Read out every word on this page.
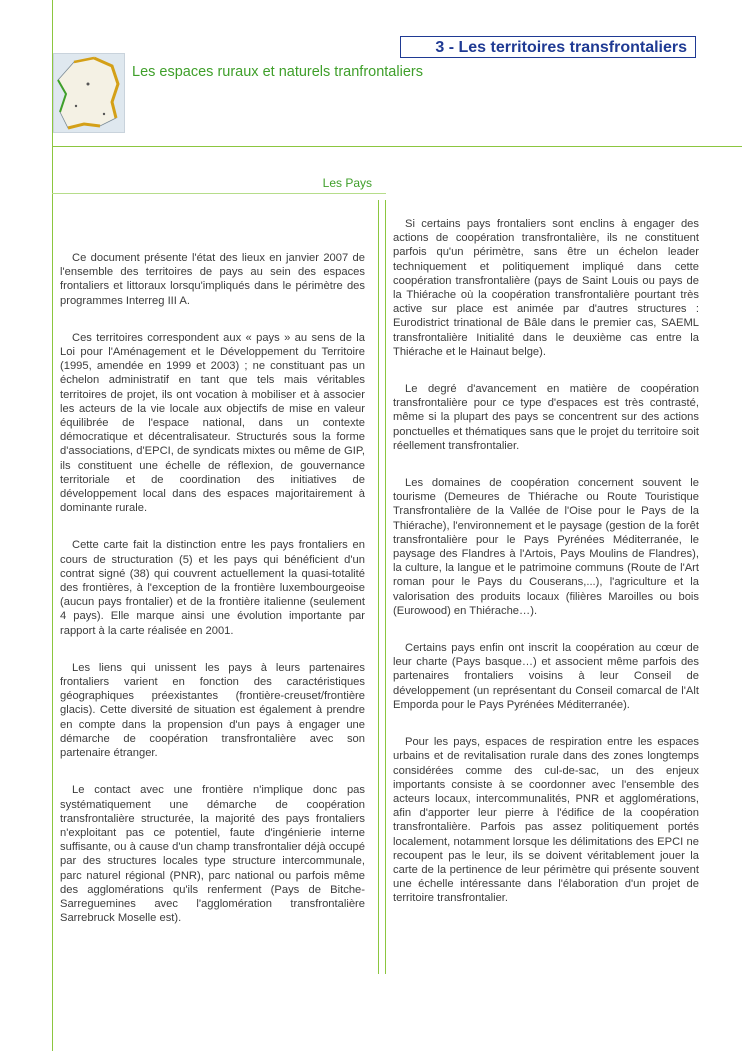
3 - Les territoires transfrontaliers
Les espaces ruraux et naturels tranfrontaliers
Les Pays

Ce document présente l'état des lieux en janvier 2007 de l'ensemble des territoires de pays au sein des espaces frontaliers et littoraux lorsqu'impliqués dans le périmètre des programmes Interreg III A.

Ces territoires correspondent aux « pays » au sens de la Loi pour l'Aménagement et le Développement du Territoire (1995, amendée en 1999 et 2003) ; ne constituant pas un échelon administratif en tant que tels mais véritables territoires de projet, ils ont vocation à mobiliser et à associer les acteurs de la vie locale aux objectifs de mise en valeur équilibrée de l'espace national, dans un contexte démocratique et décentralisateur. Structurés sous la forme d'associations, d'EPCI, de syndicats mixtes ou même de GIP, ils constituent une échelle de réflexion, de gouvernance territoriale et de coordination des initiatives de développement local dans des espaces majoritairement à dominante rurale.

Cette carte fait la distinction entre les pays frontaliers en cours de structuration (5) et les pays qui bénéficient d'un contrat signé (38) qui couvrent actuellement la quasi-totalité des frontières, à l'exception de la frontière luxembourgeoise (aucun pays frontalier) et de la frontière italienne (seulement 4 pays). Elle marque ainsi une évolution importante par rapport à la carte réalisée en 2001.

Les liens qui unissent les pays à leurs partenaires frontaliers varient en fonction des caractéristiques géographiques préexistantes (frontière-creuset/frontière glacis). Cette diversité de situation est également à prendre en compte dans la propension d'un pays à engager une démarche de coopération transfrontalière avec son partenaire étranger.

Le contact avec une frontière n'implique donc pas systématiquement une démarche de coopération transfrontalière structurée, la majorité des pays frontaliers n'exploitant pas ce potentiel, faute d'ingénierie interne suffisante, ou à cause d'un champ transfrontalier déjà occupé par des structures locales type structure intercommunale, parc naturel régional (PNR), parc national ou parfois même des agglomérations qu'ils renferment (Pays de Bitche-Sarreguemines avec l'agglomération transfrontalière Sarrebruck Moselle est).

Si certains pays frontaliers sont enclins à engager des actions de coopération transfrontalière, ils ne constituent parfois qu'un périmètre, sans être un échelon leader techniquement et politiquement impliqué dans cette coopération transfrontalière (pays de Saint Louis ou pays de la Thiérache où la coopération transfrontalière pourtant très active sur place est animée par d'autres structures : Eurodistrict trinational de Bâle dans le premier cas, SAEML transfrontalière Initialité dans le deuxième cas entre la Thiérache et le Hainaut belge).

Le degré d'avancement en matière de coopération transfrontalière pour ce type d'espaces est très contrasté, même si la plupart des pays se concentrent sur des actions ponctuelles et thématiques sans que le projet du territoire soit réellement transfrontalier.

Les domaines de coopération concernent souvent le tourisme (Demeures de Thiérache ou Route Touristique Transfrontalière de la Vallée de l'Oise pour le Pays de la Thiérache), l'environnement et le paysage (gestion de la forêt transfrontalière pour le Pays Pyrénées Méditerranée, le paysage des Flandres à l'Artois, Pays Moulins de Flandres), la culture, la langue et le patrimoine communs (Route de l'Art roman pour le Pays du Couserans,...), l'agriculture et la valorisation des produits locaux (filières Maroilles ou bois (Eurowood) en Thiérache…).

Certains pays enfin ont inscrit la coopération au cœur de leur charte (Pays basque…) et associent même parfois des partenaires frontaliers voisins à leur Conseil de développement (un représentant du Conseil comarcal de l'Alt Emporda pour le Pays Pyrénées Méditerranée).

Pour les pays, espaces de respiration entre les espaces urbains et de revitalisation rurale dans des zones longtemps considérées comme des cul-de-sac, un des enjeux importants consiste à se coordonner avec l'ensemble des acteurs locaux, intercommunalités, PNR et agglomérations, afin d'apporter leur pierre à l'édifice de la coopération transfrontalière. Parfois pas assez politiquement portés localement, notamment lorsque les délimitations des EPCI ne recoupent pas le leur, ils se doivent véritablement jouer la carte de la pertinence de leur périmètre qui présente souvent une échelle intéressante dans l'élaboration d'un projet de territoire transfrontalier.
